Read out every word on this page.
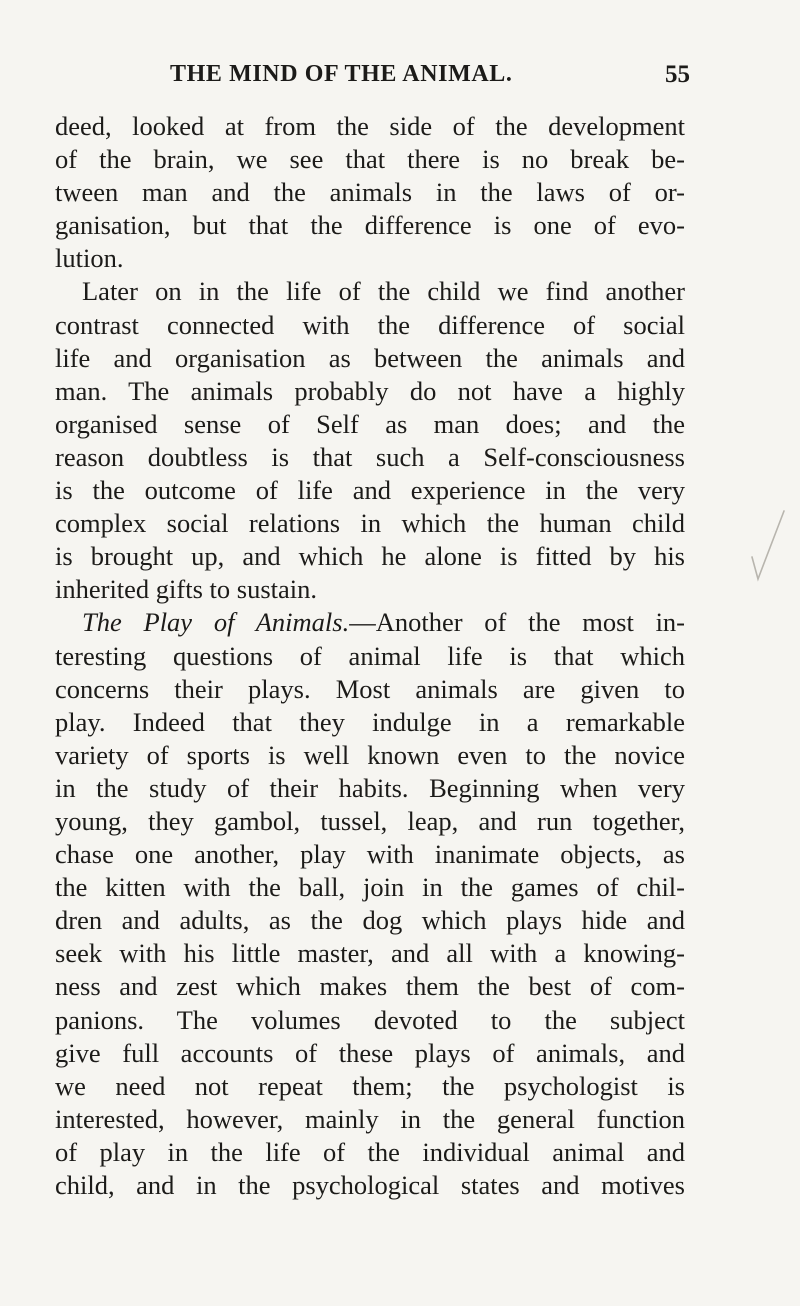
THE MIND OF THE ANIMAL.	55
deed, looked at from the side of the development
of the brain, we see that there is no break be-
tween man and the animals in the laws of or-
ganisation, but that the difference is one of evo-
lution.
Later on in the life of the child we find another
contrast connected with the difference of social
life and organisation as between the animals and
man. The animals probably do not have a highly
organised sense of Self as man does; and the
reason doubtless is that such a Self-consciousness
is the outcome of life and experience in the very
complex social relations in which the human child
is brought up, and which he alone is fitted by his
inherited gifts to sustain.
The Play of Animals.—Another of the most in-
teresting questions of animal life is that which
concerns their plays. Most animals are given to
play. Indeed that they indulge in a remarkable
variety of sports is well known even to the novice
in the study of their habits. Beginning when very
young, they gambol, tussel, leap, and run together,
chase one another, play with inanimate objects, as
the kitten with the ball, join in the games of chil-
dren and adults, as the dog which plays hide and
seek with his little master, and all with a knowing-
ness and zest which makes them the best of com-
panions. The volumes devoted to the subject
give full accounts of these plays of animals, and
we need not repeat them; the psychologist is
interested, however, mainly in the general function
of play in the life of the individual animal and
child, and in the psychological states and motives
